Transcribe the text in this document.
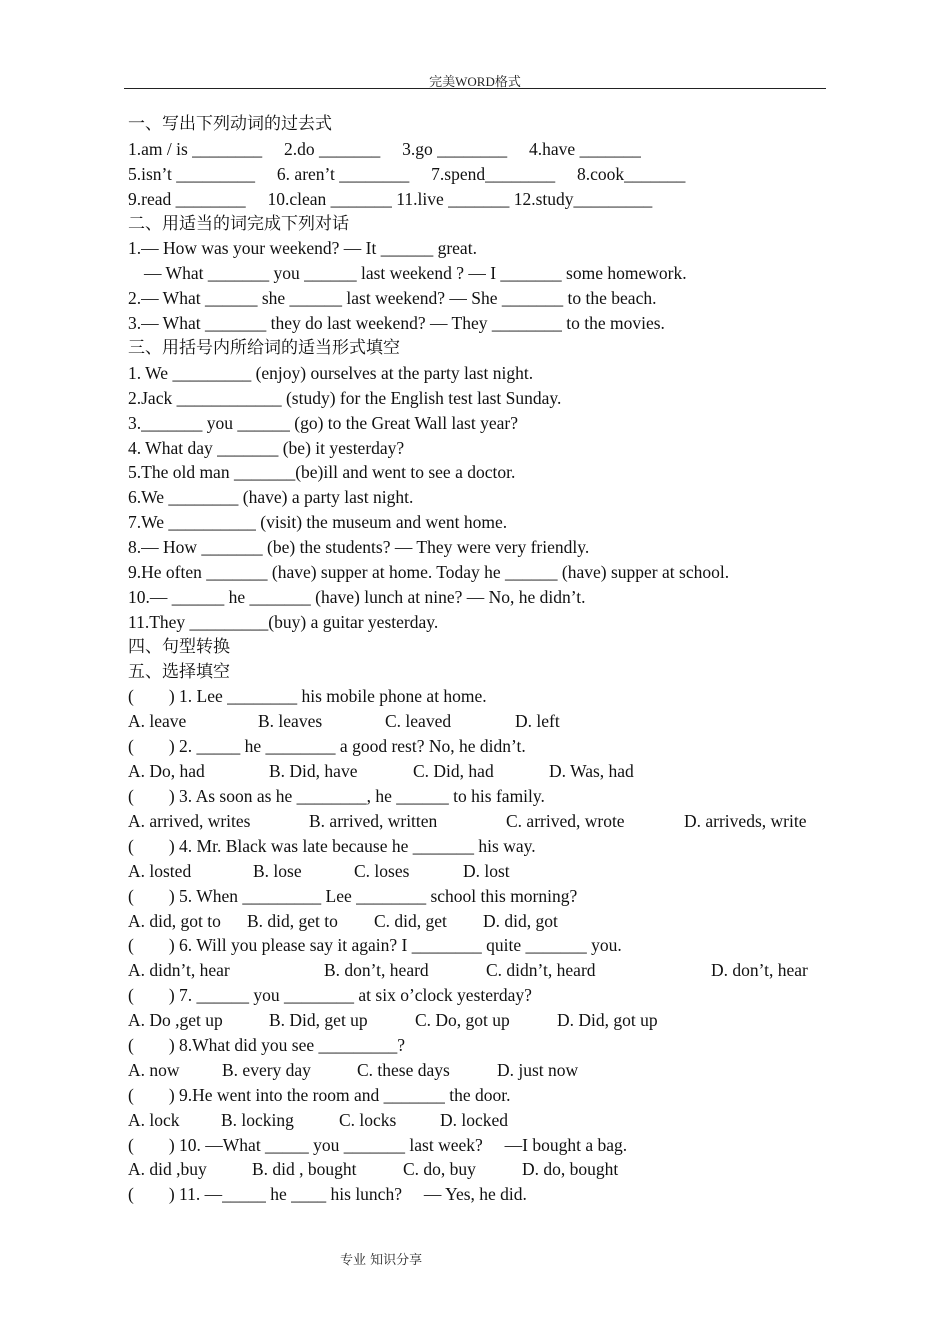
完美WORD格式
一、写出下列动词的过去式
1.am / is ________     2.do _______     3.go ________     4.have _______
5.isn’t _________     6. aren’t ________     7.spend________     8.cook_______
9.read ________     10.clean _______ 11.live _______ 12.study_________
二、用适当的词完成下列对话
1.— How was your weekend? — It ______ great.
— What _______ you ______ last weekend ? — I _______ some homework.
2.— What ______ she ______ last weekend? — She _______ to the beach.
3.— What _______ they do last weekend? — They ________ to the movies.
三、用括号内所给词的适当形式填空
1. We _________ (enjoy) ourselves at the party last night.
2.Jack ____________ (study) for the English test last Sunday.
3._______ you ______ (go) to the Great Wall last year?
4. What day _______ (be) it yesterday?
5.The old man _______(be)ill and went to see a doctor.
6.We ________ (have) a party last night.
7.We __________ (visit) the museum and went home.
8.— How _______ (be) the students? — They were very friendly.
9.He often _______ (have) supper at home. Today he ______ (have) supper at school.
10.— ______ he _______ (have) lunch at nine? — No, he didn’t.
11.They _________(buy) a guitar yesterday.
四、句型转换
五、选择填空
(        ) 1. Lee ________ his mobile phone at home.

A. leave

	B. leaves

	C. leaved

	D. left

(        ) 2. _____ he ________ a good rest? No, he didn’t.

A. Do, had

	B. Did, have

	C. Did, had

	D. Was, had

(        ) 3. As soon as he ________, he ______ to his family.

A. arrived, writes

	B. arrived, written

	C. arrived, wrote

	D. arriveds, write

(        ) 4. Mr. Black was late because he _______ his way.

A. losted

	B. lose

	C. loses

	D. lost

(        ) 5. When _________ Lee ________ school this morning?

A. did, got to

B. did, get to

C. did, get

D. did, got

(        ) 6. Will you please say it again? I ________ quite _______ you.

A. didn’t, hear

	B. don’t, heard

	C. didn’t, heard

	D. don’t, hear

(        ) 7. ______ you ________ at six o’clock yesterday?

A. Do ,get up

	B. Did, get up

	C. Do, got up

	D. Did, got up

(        ) 8.What did you see _________?

A. now

B. every day

	C. these days

	D. just now

(        ) 9.He went into the room and _______ the door.

A. lock

B. locking

	C. locks

D. locked

(        ) 10. —What _____ you _______ last week?     —I bought a bag.

A. did ,buy

	B. did , bought

	C. do, buy

	D. do, bought

(        ) 11. —_____ he ____ his lunch?     — Yes, he did.
专业 知识分享
